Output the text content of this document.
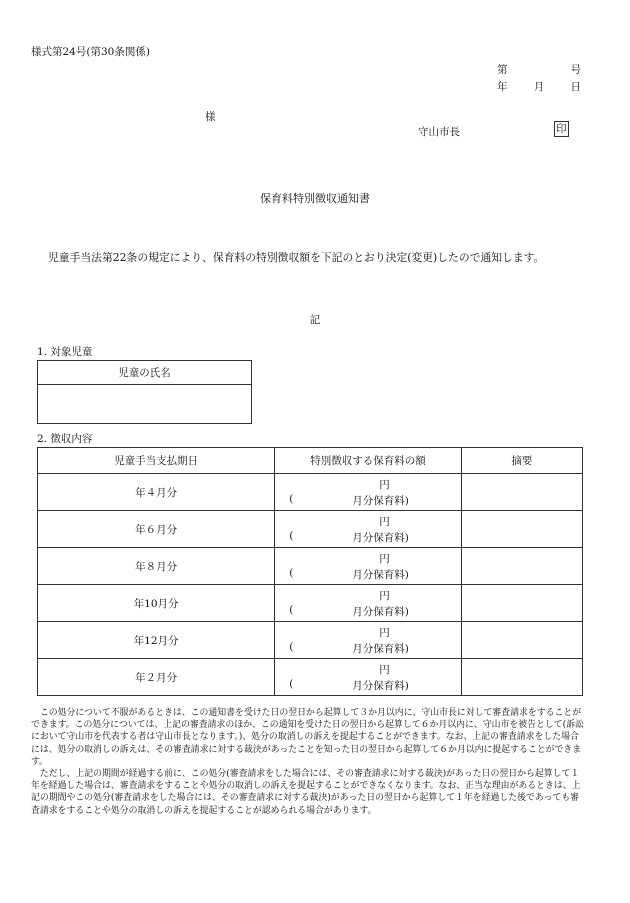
様式第24号(第30条関係)
第	号
年	月	日
様
守山市長	印
保育料特別徴収通知書
児童手当法第22条の規定により、保育料の特別徴収額を下記のとおり決定(変更)したので通知します。
記
1. 対象児童
児童の氏名

2. 徴収内容
児童手当支払期日	特別徴収する保育料の額	摘要
年４月分	円
( 月分保育料)	

年６月分	円
( 月分保育料)	

年８月分	円
( 月分保育料)	

年10月分	円
( 月分保育料)	

年12月分	円
( 月分保育料)	

年２月分	円
( 月分保育料)	

この処分について不服があるときは、この通知書を受けた日の翌日から起算して３か月以内に、守山市長に対して審査請求をすることができます。この処分については、上記の審査請求のほか、この通知を受けた日の翌日から起算して６か月以内に、守山市を被告として(訴訟において守山市を代表する者は守山市長となります。)、処分の取消しの訴えを提起することができます。なお、上記の審査請求をした場合には、処分の取消しの訴えは、その審査請求に対する裁決があったことを知った日の翌日から起算して６か月以内に提起することができます。

ただし、上記の期間が経過する前に、この処分(審査請求をした場合には、その審査請求に対する裁決)があった日の翌日から起算して１年を経過した場合は、審査請求をすることや処分の取消しの訴えを提起することができなくなります。なお、正当な理由があるときは、上記の期間やこの処分(審査請求をした場合には、その審査請求に対する裁決)があった日の翌日から起算して１年を経過した後であっても審査請求をすることや処分の取消しの訴えを提起することが認められる場合があります。
